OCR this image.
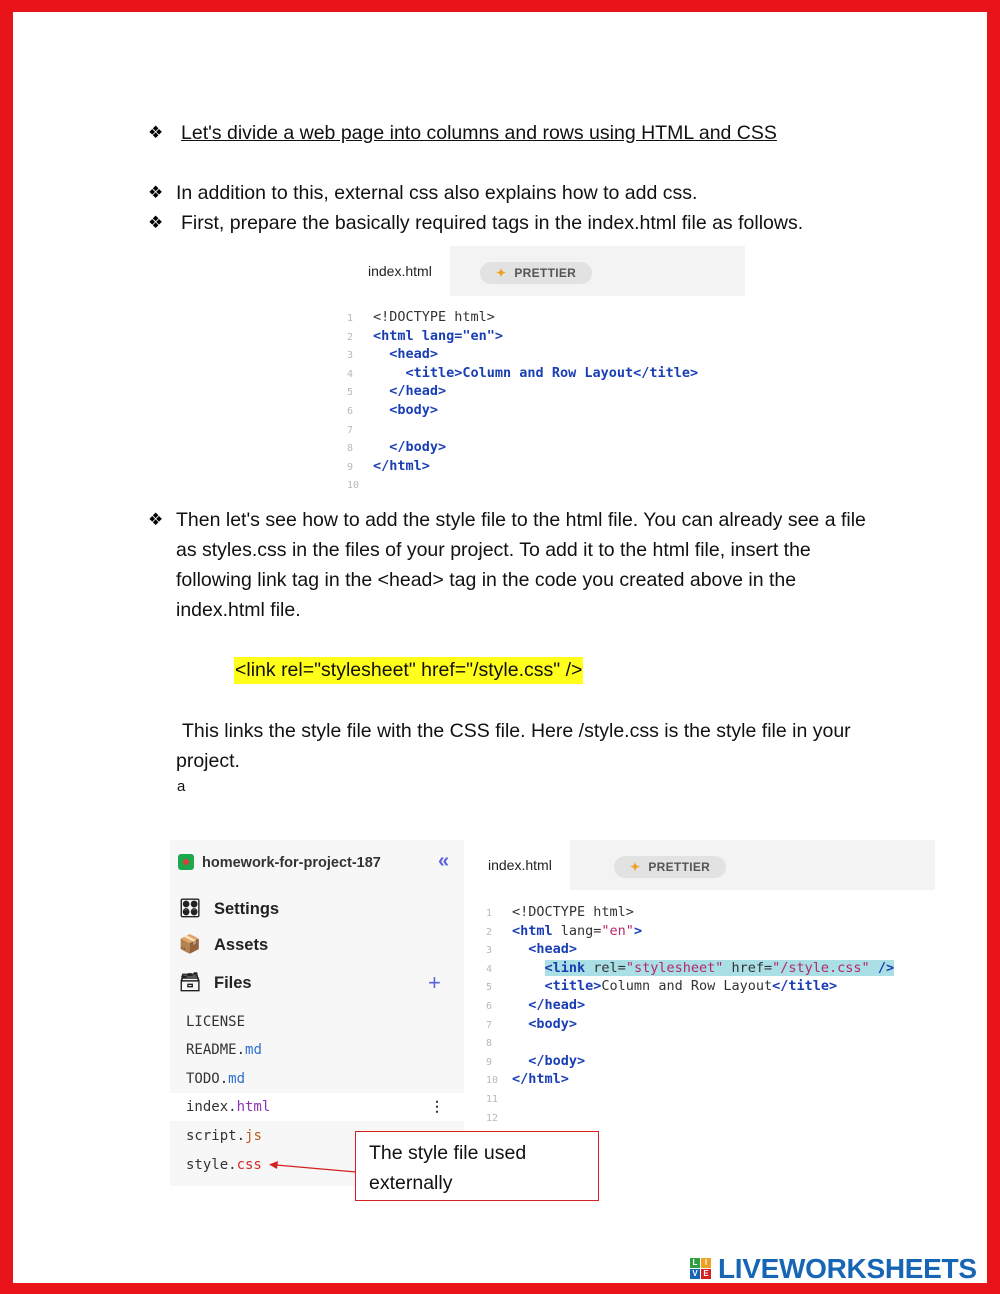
❖ Let's divide a web page into columns and rows using HTML and CSS
❖ In addition to this, external css also explains how to add css.
❖ First, prepare the basically required tags in the index.html file as follows.
index.html	✦ PRETTIER
1 <!DOCTYPE html>
2 <html lang="en">
3	<head>
4	<title>Column and Row Layout</title>
5	</head>
6	<body>
7
8	</body>
9 </html>
10
❖ Then let's see how to add the style file to the html file. You can already see a file as styles.css in the files of your project. To add it to the html file, insert the following link tag in the <head> tag in the code you created above in the index.html file.
<link rel="stylesheet" href="/style.css" />
This links the style file with the CSS file. Here /style.css is the style file in your project.
a
homework-for-project-187	«
🎛 Settings
📦 Assets
🗃 Files	+
LICENSE
README.md
TODO.md
index.html	⋮
script.js
style.css
index.html	✦ PRETTIER
1 <!DOCTYPE html>
2 <html lang="en">
3	<head>
4	<link rel="stylesheet" href="/style.css" />
5	<title>Column and Row Layout</title>
6	</head>
7	<body>
8
9	</body>
10 </html>
11
12

The style file used externally
L I
V E LIVEWORKSHEETS
